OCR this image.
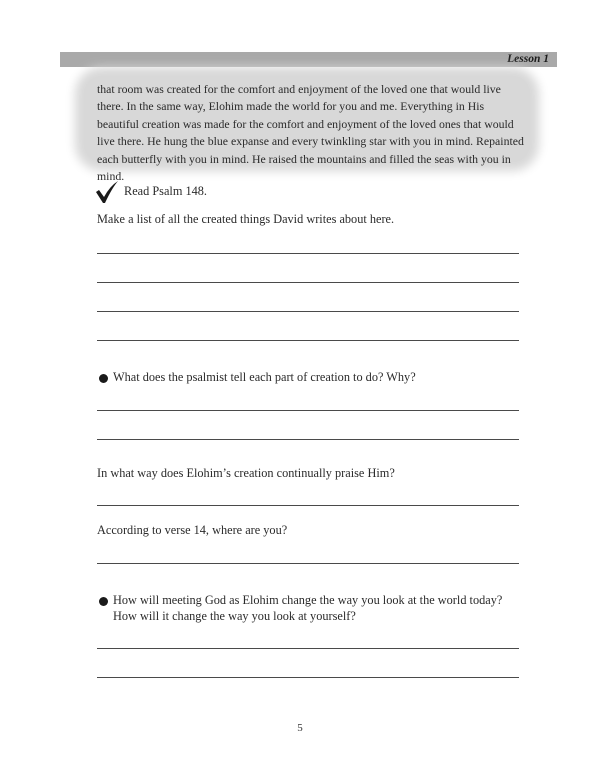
Lesson 1

that room was created for the comfort and enjoyment of the loved one that would live there. In the same way, Elohim made the world for you and me. Everything in His beautiful creation was made for the comfort and enjoyment of the loved ones that would live there. He hung the blue expanse and every twinkling star with you in mind. Repainted each butterfly with you in mind. He raised the mountains and filled the seas with you in mind.

Read Psalm 148.

Make a list of all the created things David writes about here.

What does the psalmist tell each part of creation to do? Why?

In what way does Elohim’s creation continually praise Him?

According to verse 14, where are you?

How will meeting God as Elohim change the way you look at the world today?

How will it change the way you look at yourself?

5
